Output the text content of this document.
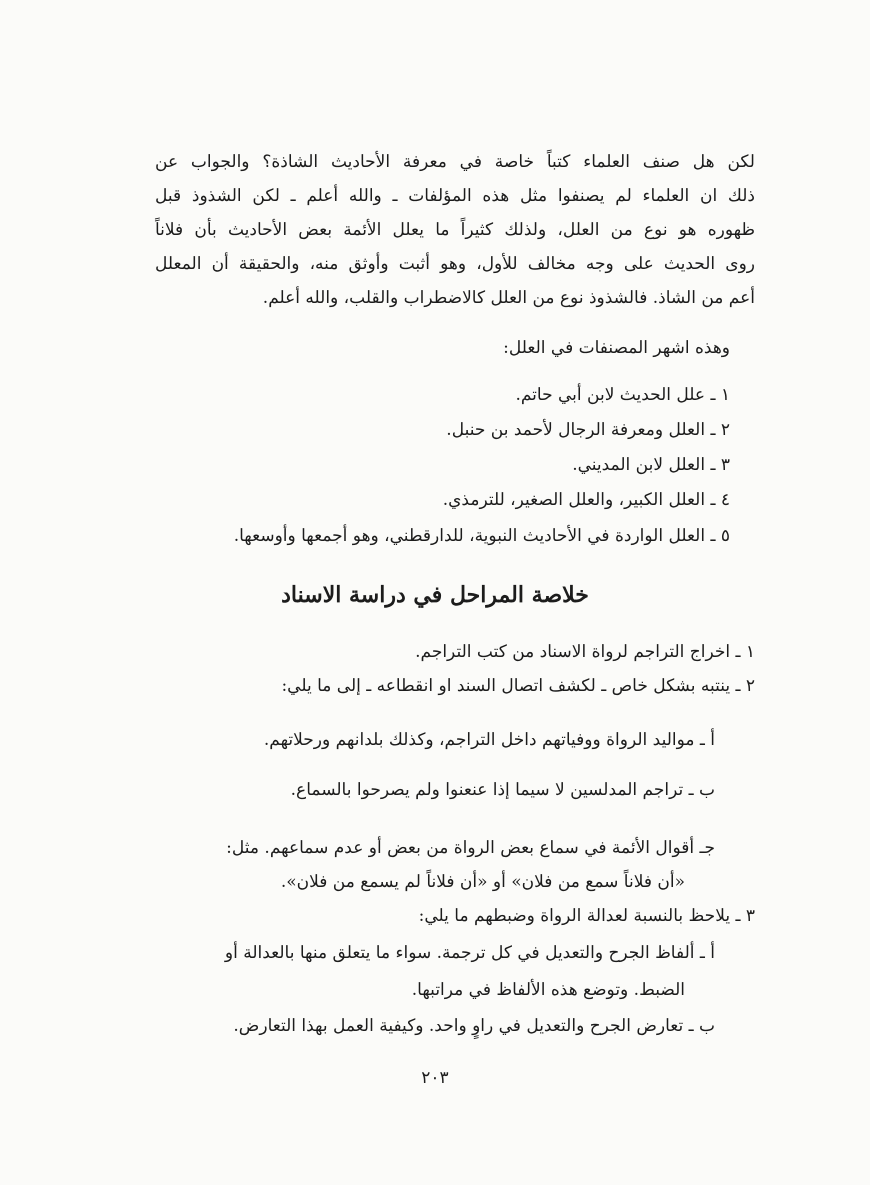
لكن هل صنف العلماء كتباً خاصة في معرفة الأحاديث الشاذة؟ والجواب عن
ذلك ان العلماء لم يصنفوا مثل هذه المؤلفات ـ والله أعلم ـ لكن الشذوذ قبل
ظهوره هو نوع من العلل، ولذلك كثيراً ما يعلل الأئمة بعض الأحاديث بأن فلاناً
روى الحديث على وجه مخالف للأول، وهو أثبت وأوثق منه، والحقيقة أن المعلل
أعم من الشاذ. فالشذوذ نوع من العلل كالاضطراب والقلب، والله أعلم.
وهذه اشهر المصنفات في العلل:
١ ـ علل الحديث لابن أبي حاتم.
٢ ـ العلل ومعرفة الرجال لأحمد بن حنبل.
٣ ـ العلل لابن المديني.
٤ ـ العلل الكبير، والعلل الصغير، للترمذي.
٥ ـ العلل الواردة في الأحاديث النبوية، للدارقطني، وهو أجمعها وأوسعها.
خلاصة المراحل في دراسة الاسناد
١ ـ اخراج التراجم لرواة الاسناد من كتب التراجم.
٢ ـ ينتبه بشكل خاص ـ لكشف اتصال السند او انقطاعه ـ إلى ما يلي:
أ ـ مواليد الرواة ووفياتهم داخل التراجم، وكذلك بلدانهم ورحلاتهم.
ب ـ تراجم المدلسين لا سيما إذا عنعنوا ولم يصرحوا بالسماع.
جـ أقوال الأئمة في سماع بعض الرواة من بعض أو عدم سماعهم. مثل:
«أن فلاناً سمع من فلان» أو «أن فلاناً لم يسمع من فلان».
٣ ـ يلاحظ بالنسبة لعدالة الرواة وضبطهم ما يلي:
أ ـ ألفاظ الجرح والتعديل في كل ترجمة. سواء ما يتعلق منها بالعدالة أو
الضبط. وتوضع هذه الألفاظ في مراتبها.
ب ـ تعارض الجرح والتعديل في راوٍ واحد. وكيفية العمل بهذا التعارض.
٢٠٣
